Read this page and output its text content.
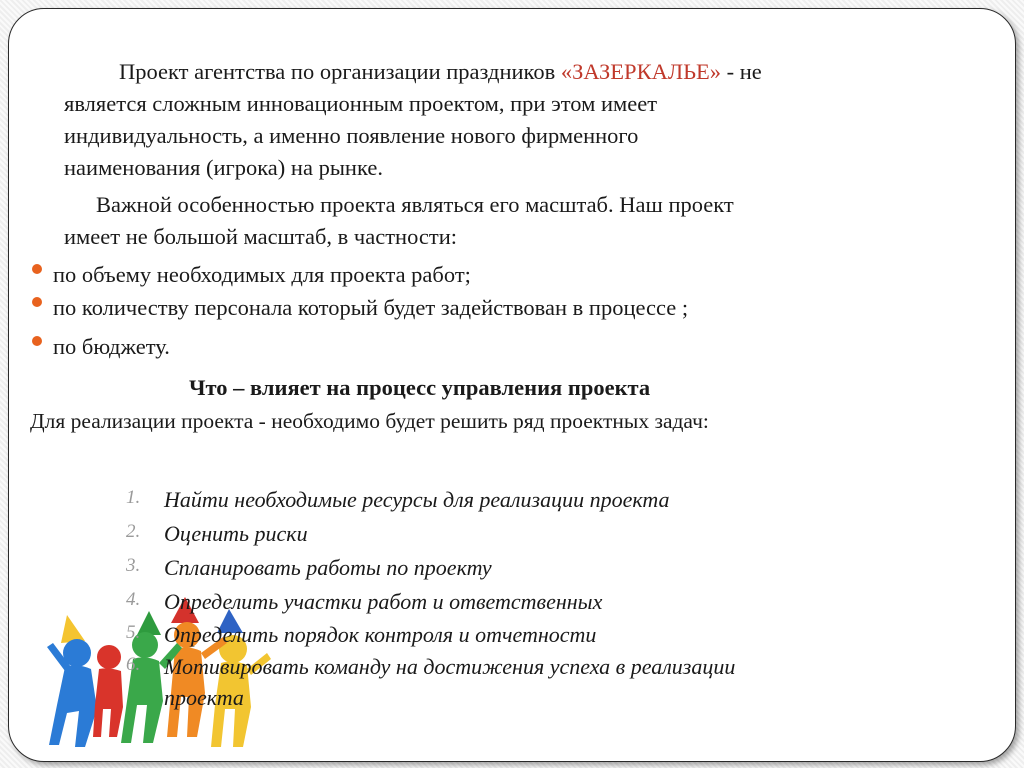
Проект агентства по организации праздников «ЗАЗЕРКАЛЬЕ» - не
является сложным инновационным проектом, при этом имеет
индивидуальность, а именно появление нового фирменного
наименования (игрока) на рынке.
Важной особенностью проекта являться его масштаб. Наш проект
имеет не большой масштаб, в частности:
по объему необходимых для проекта работ;
по количеству персонала который будет задействован в процессе ;
по бюджету.
Что – влияет на процесс управления проекта
Для реализации проекта - необходимо будет решить ряд проектных задач:
1. Найти необходимые ресурсы для реализации проекта
2. Оценить риски
3. Спланировать работы по проекту
4. Определить участки работ и ответственных
5. Определить порядок контроля и отчетности
6. Мотивировать команду на достижения успеха в реализации
проекта
